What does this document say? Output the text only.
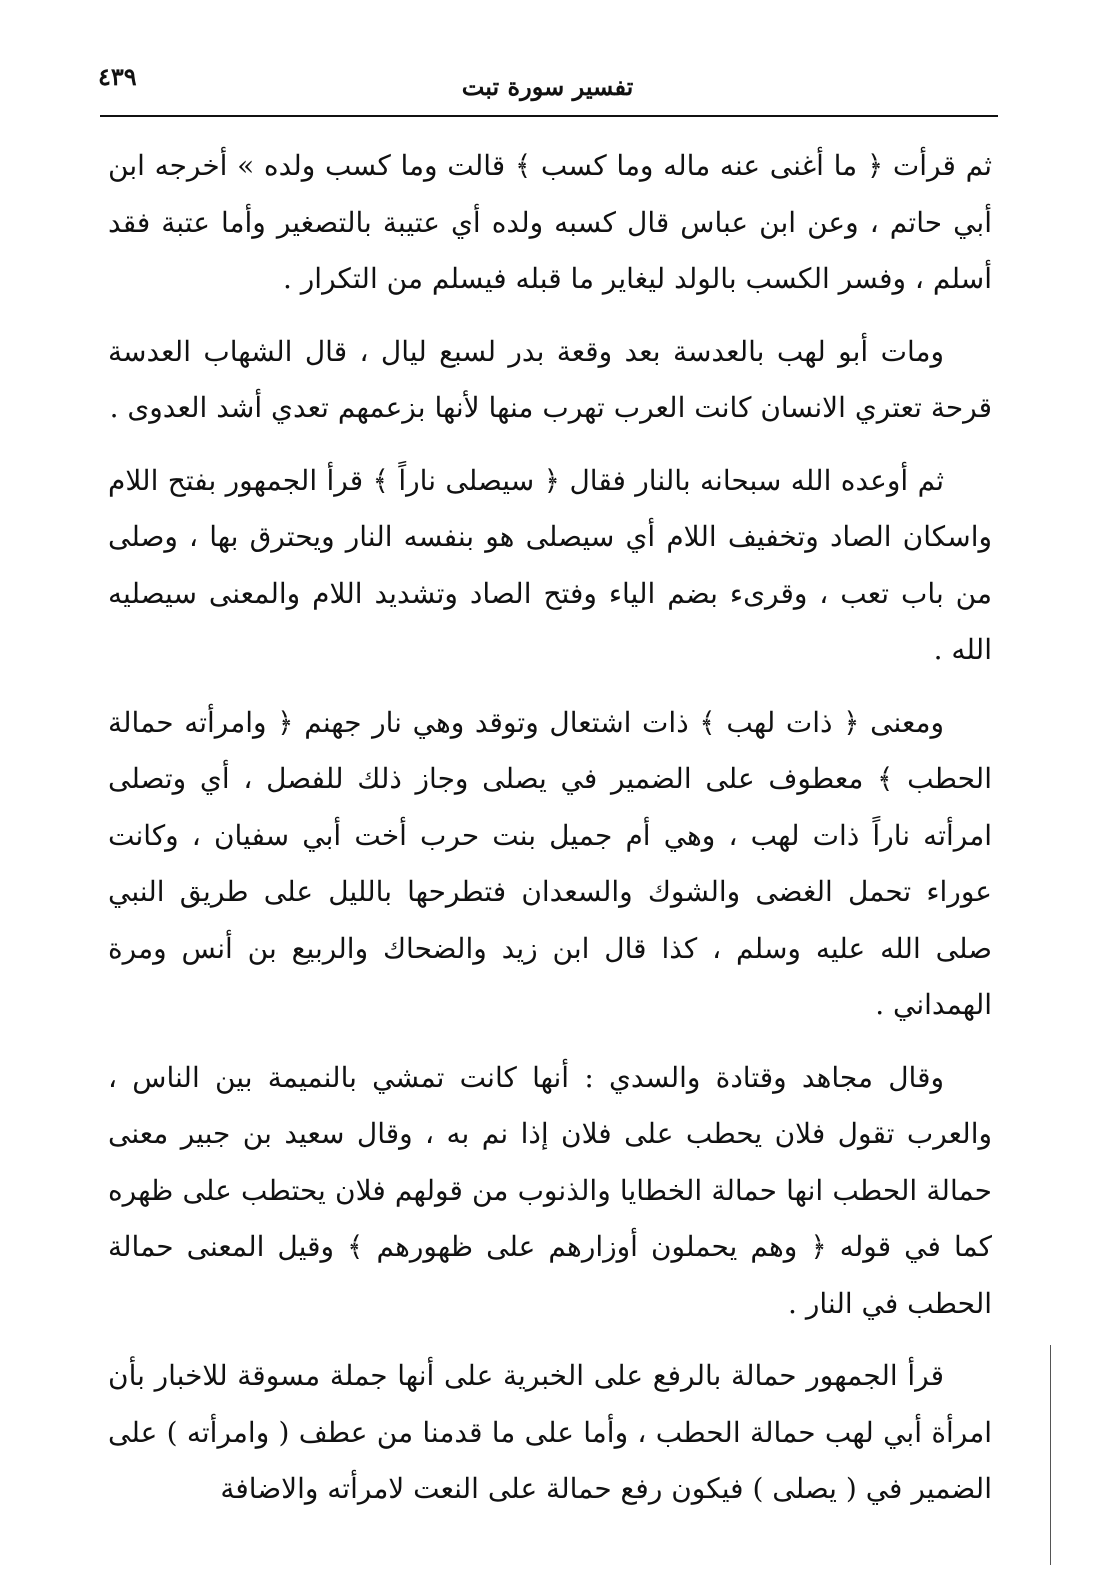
٤٣٩	تفسير سورة تبت

ثم قرأت ﴿ ما أغنى عنه ماله وما كسب ﴾ قالت وما كسب ولده » أخرجه ابن أبي حاتم ، وعن ابن عباس قال كسبه ولده أي عتيبة بالتصغير وأما عتبة فقد أسلم ، وفسر الكسب بالولد ليغاير ما قبله فيسلم من التكرار .

ومات أبو لهب بالعدسة بعد وقعة بدر لسبع ليال ، قال الشهاب العدسة قرحة تعتري الانسان كانت العرب تهرب منها لأنها بزعمهم تعدي أشد العدوى .

ثم أوعده الله سبحانه بالنار فقال ﴿ سيصلى ناراً ﴾ قرأ الجمهور بفتح اللام واسكان الصاد وتخفيف اللام أي سيصلى هو بنفسه النار ويحترق بها ، وصلى من باب تعب ، وقرىء بضم الياء وفتح الصاد وتشديد اللام والمعنى سيصليه الله .

ومعنى ﴿ ذات لهب ﴾ ذات اشتعال وتوقد وهي نار جهنم ﴿ وامرأته حمالة الحطب ﴾ معطوف على الضمير في يصلى وجاز ذلك للفصل ، أي وتصلى امرأته ناراً ذات لهب ، وهي أم جميل بنت حرب أخت أبي سفيان ، وكانت عوراء تحمل الغضى والشوك والسعدان فتطرحها بالليل على طريق النبي صلى الله عليه وسلم ، كذا قال ابن زيد والضحاك والربيع بن أنس ومرة الهمداني .

وقال مجاهد وقتادة والسدي : أنها كانت تمشي بالنميمة بين الناس ، والعرب تقول فلان يحطب على فلان إذا نم به ، وقال سعيد بن جبير معنى حمالة الحطب انها حمالة الخطايا والذنوب من قولهم فلان يحتطب على ظهره كما في قوله ﴿ وهم يحملون أوزارهم على ظهورهم ﴾ وقيل المعنى حمالة الحطب في النار .

قرأ الجمهور حمالة بالرفع على الخبرية على أنها جملة مسوقة للاخبار بأن امرأة أبي لهب حمالة الحطب ، وأما على ما قدمنا من عطف ( وامرأته ) على الضمير في ( يصلى ) فيكون رفع حمالة على النعت لامرأته والاضافة
